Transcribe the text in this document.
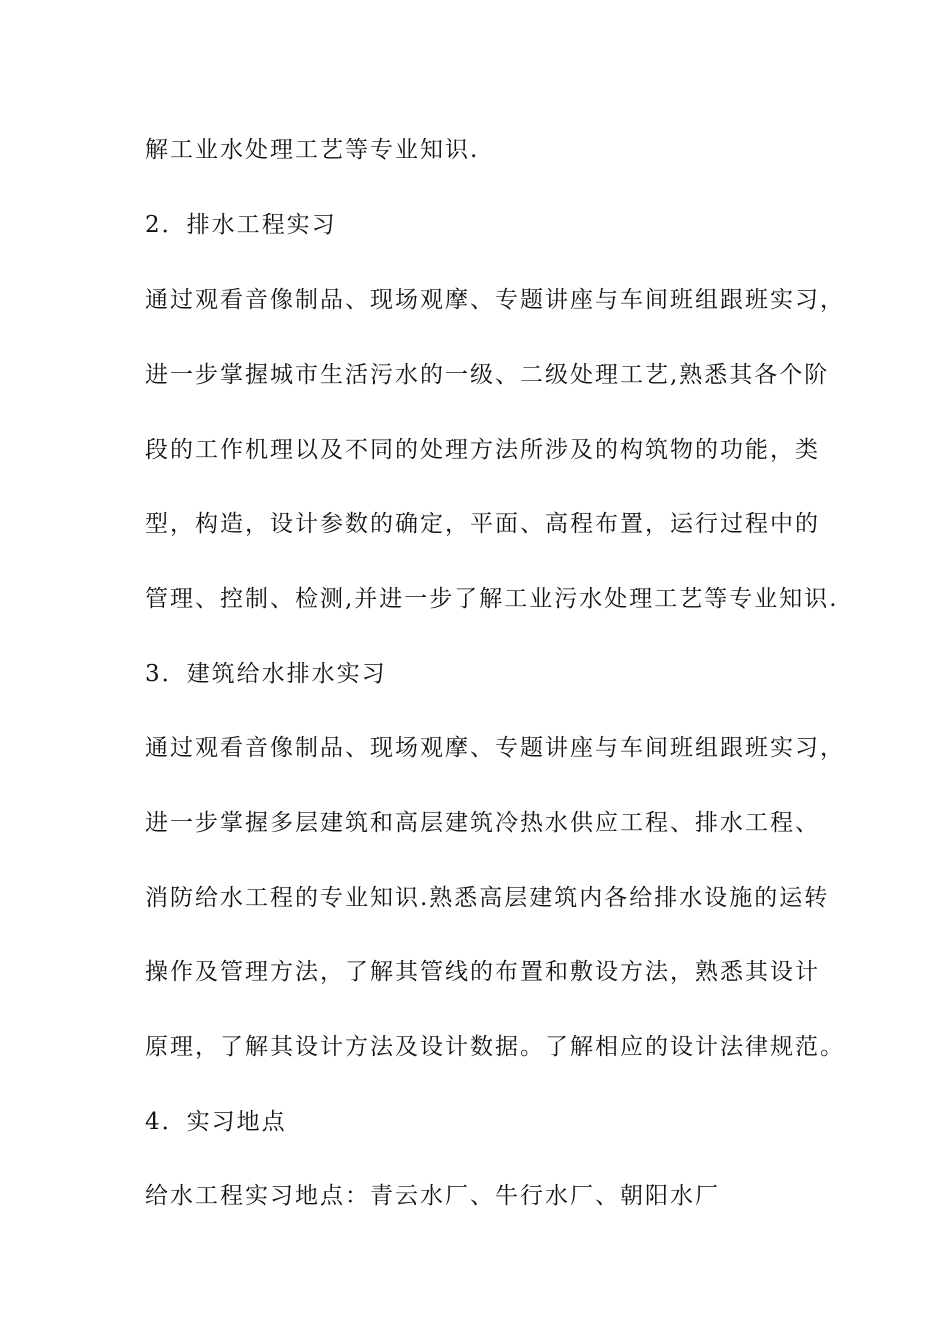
解工业水处理工艺等专业知识.
2．排水工程实习
通过观看音像制品、现场观摩、专题讲座与车间班组跟班实习，
进一步掌握城市生活污水的一级、二级处理工艺,熟悉其各个阶
段的工作机理以及不同的处理方法所涉及的构筑物的功能，类
型，构造，设计参数的确定，平面、高程布置，运行过程中的
管理、控制、检测,并进一步了解工业污水处理工艺等专业知识.
3．建筑给水排水实习
通过观看音像制品、现场观摩、专题讲座与车间班组跟班实习，
进一步掌握多层建筑和高层建筑冷热水供应工程、排水工程、
消防给水工程的专业知识.熟悉高层建筑内各给排水设施的运转
操作及管理方法，了解其管线的布置和敷设方法，熟悉其设计
原理，了解其设计方法及设计数据。了解相应的设计法律规范。
4．实习地点
给水工程实习地点：青云水厂、牛行水厂、朝阳水厂
